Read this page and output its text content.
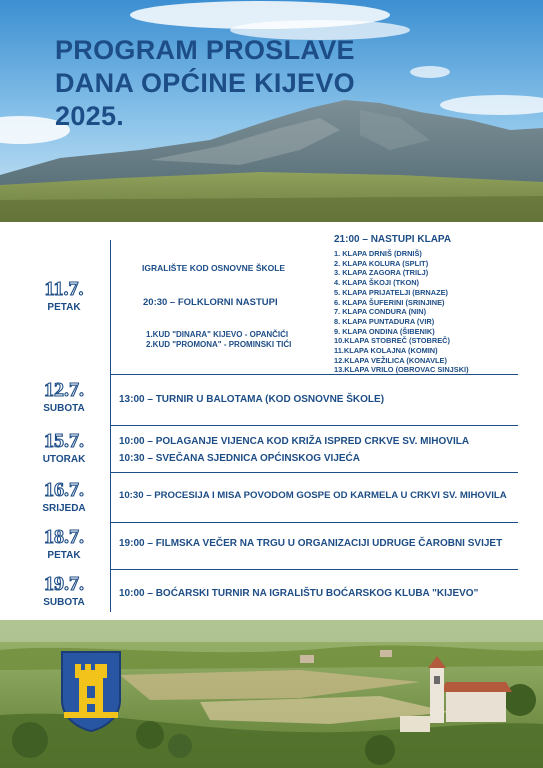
PROGRAM PROSLAVE
DANA OPĆINE KIJEVO
2025.
11.7.
PETAK
IGRALIŠTE KOD OSNOVNE ŠKOLE
20:30 – FOLKLORNI NASTUPI
1.KUD "DINARA" KIJEVO - OPANČIĆI
2.KUD "PROMONA" - PROMINSKI TIĆI
21:00 – NASTUPI KLAPA
1. KLAPA DRNIŠ (DRNIŠ)
2. KLAPA KOLURA (SPLIT)
3. KLAPA ZAGORA (TRILJ)
4. KLAPA ŠKOJI (TKON)
5. KLAPA PRIJATELJI (BRNAZE)
6. KLAPA ŠUFERINI (SRINJINE)
7. KLAPA CONDURA (NIN)
8. KLAPA PUNTADURA (VIR)
9. KLAPA ONDINA (ŠIBENIK)
10.KLAPA STOBREČ (STOBREČ)
11.KLAPA KOLAJNA (KOMIN)
12.KLAPA VEŽILICA (KONAVLE)
13.KLAPA VRILO (OBROVAC SINJSKI)
12.7.
SUBOTA
13:00 – TURNIR U BALOTAMA (KOD OSNOVNE ŠKOLE)
15.7.
UTORAK
10:00 – POLAGANJE VIJENCA KOD KRIŽA ISPRED CRKVE SV. MIHOVILA
10:30 – SVEČANA SJEDNICA OPĆINSKOG VIJEĆA
16.7.
SRIJEDA
10:30 – PROCESIJA I MISA POVODOM GOSPE OD KARMELA U CRKVI SV. MIHOVILA
18.7.
PETAK
19:00 – FILMSKA VEČER NA TRGU U ORGANIZACIJI UDRUGE ČAROBNI SVIJET
19.7.
SUBOTA
10:00 – BOĆARSKI TURNIR NA IGRALIŠTU BOĆARSKOG KLUBA "KIJEVO"
